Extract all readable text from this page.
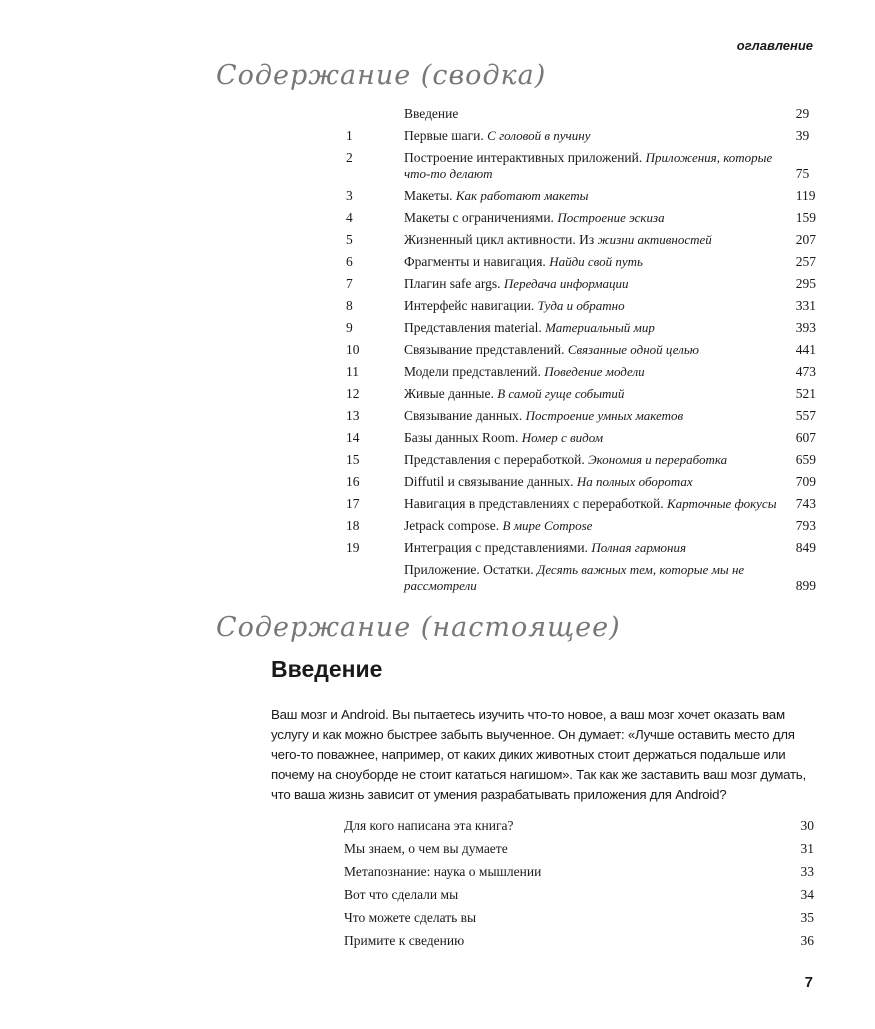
оглавление
Содержание (сводка)
	Введение	29
1	Первые шаги. С головой в пучину	39
2	Построение интерактивных приложений. Приложения, которые что-то делают	75
3	Макеты. Как работают макеты	119
4	Макеты с ограничениями. Построение эскиза	159
5	Жизненный цикл активности. Из жизни активностей	207
6	Фрагменты и навигация. Найди свой путь	257
7	Плагин safe args. Передача информации	295
8	Интерфейс навигации. Туда и обратно	331
9	Представления material. Материальный мир	393
10	Связывание представлений. Связанные одной целью	441
11	Модели представлений. Поведение модели	473
12	Живые данные. В самой гуще событий	521
13	Связывание данных. Построение умных макетов	557
14	Базы данных Room. Номер с видом	607
15	Представления с переработкой. Экономия и переработка	659
16	Diffutil и связывание данных. На полных оборотах	709
17	Навигация в представлениях с переработкой. Карточные фокусы	743
18	Jetpack compose. В мире Compose	793
19	Интеграция с представлениями. Полная гармония	849
	Приложение. Остатки. Десять важных тем, которые мы не рассмотрели	899
Содержание (настоящее)
Введение

Ваш мозг и Android. Вы пытаетесь изучить что-то новое, а ваш мозг хочет оказать вам услугу и как можно быстрее забыть выученное. Он думает: «Лучше оставить место для чего-то поважнее, например, от каких диких животных стоит держаться подальше или почему на сноуборде не стоит кататься нагишом». Так как же заставить ваш мозг думать, что ваша жизнь зависит от умения разрабатывать приложения для Android?

Для кого написана эта книга?	30
Мы знаем, о чем вы думаете	31
Метапознание: наука о мышлении	33
Вот что сделали мы	34
Что можете сделать вы	35
Примите к сведению	36
7
